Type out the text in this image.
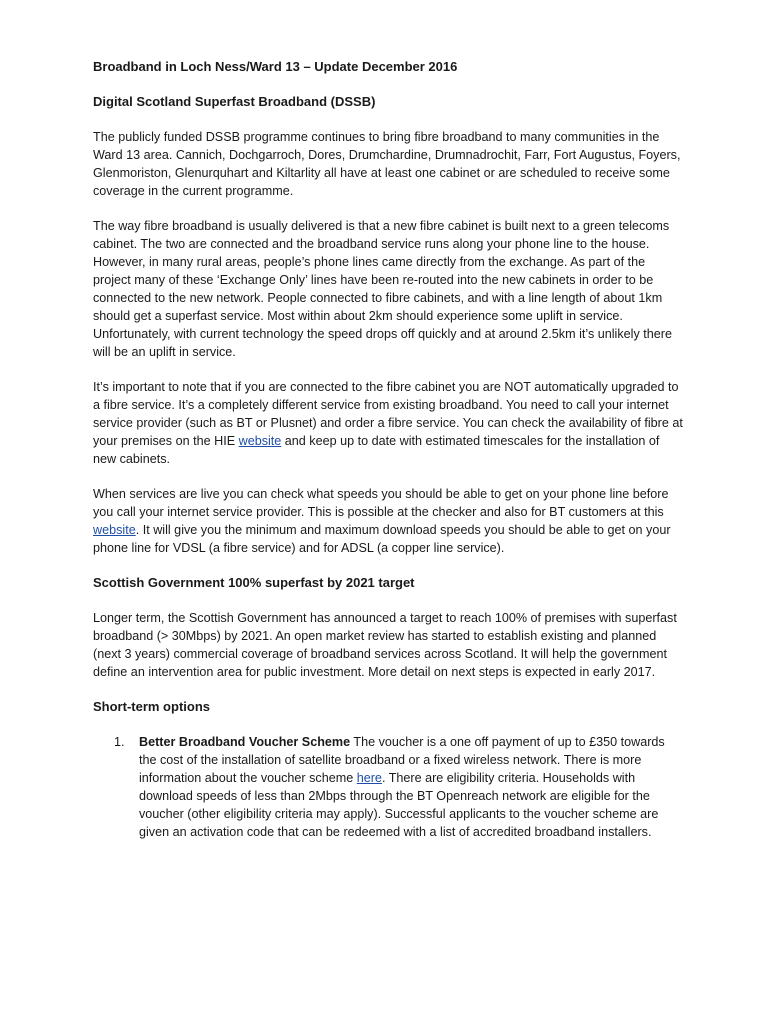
Broadband in Loch Ness/Ward 13 – Update December 2016
Digital Scotland Superfast Broadband (DSSB)

The publicly funded DSSB programme continues to bring fibre broadband to many communities in the Ward 13 area. Cannich, Dochgarroch, Dores, Drumchardine, Drumnadrochit, Farr, Fort Augustus, Foyers, Glenmoriston, Glenurquhart and Kiltarlity all have at least one cabinet or are scheduled to receive some coverage in the current programme.

The way fibre broadband is usually delivered is that a new fibre cabinet is built next to a green telecoms cabinet. The two are connected and the broadband service runs along your phone line to the house. However, in many rural areas, people’s phone lines came directly from the exchange. As part of the project many of these ‘Exchange Only’ lines have been re-routed into the new cabinets in order to be connected to the new network. People connected to fibre cabinets, and with a line length of about 1km should get a superfast service. Most within about 2km should experience some uplift in service. Unfortunately, with current technology the speed drops off quickly and at around 2.5km it’s unlikely there will be an uplift in service.

It’s important to note that if you are connected to the fibre cabinet you are NOT automatically upgraded to a fibre service. It’s a completely different service from existing broadband. You need to call your internet service provider (such as BT or Plusnet) and order a fibre service. You can check the availability of fibre at your premises on the HIE website and keep up to date with estimated timescales for the installation of new cabinets.

When services are live you can check what speeds you should be able to get on your phone line before you call your internet service provider. This is possible at the checker and also for BT customers at this website. It will give you the minimum and maximum download speeds you should be able to get on your phone line for VDSL (a fibre service) and for ADSL (a copper line service).

Scottish Government 100% superfast by 2021 target

Longer term, the Scottish Government has announced a target to reach 100% of premises with superfast broadband (> 30Mbps) by 2021. An open market review has started to establish existing and planned (next 3 years) commercial coverage of broadband services across Scotland. It will help the government define an intervention area for public investment. More detail on next steps is expected in early 2017.

Short-term options
1. Better Broadband Voucher Scheme The voucher is a one off payment of up to £350 towards the cost of the installation of satellite broadband or a fixed wireless network. There is more information about the voucher scheme here. There are eligibility criteria. Households with download speeds of less than 2Mbps through the BT Openreach network are eligible for the voucher (other eligibility criteria may apply). Successful applicants to the voucher scheme are given an activation code that can be redeemed with a list of accredited broadband installers.
